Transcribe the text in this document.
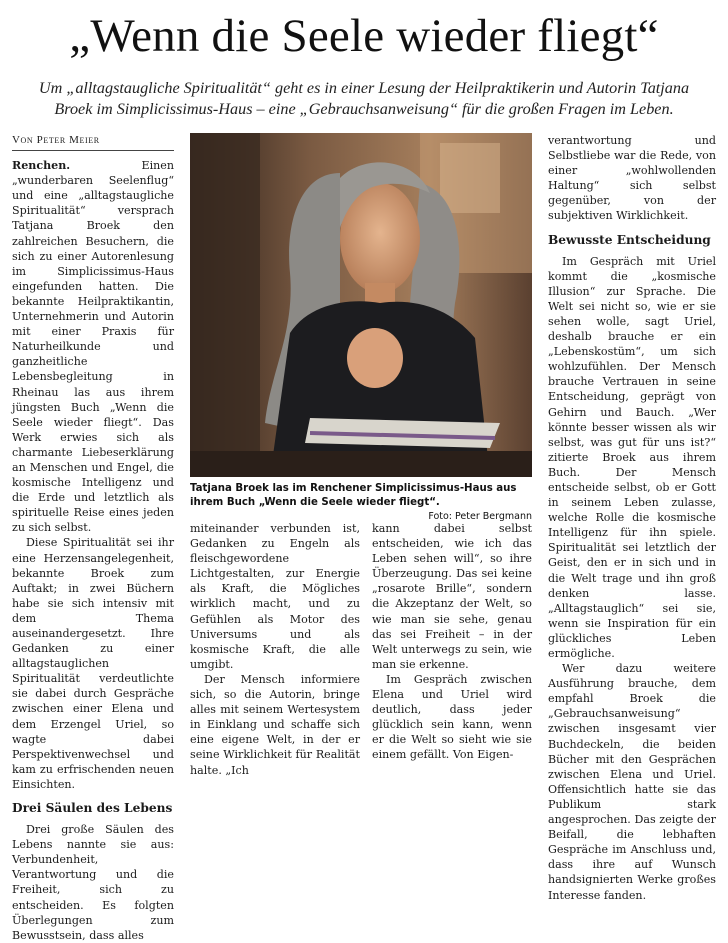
„Wenn die Seele wieder fliegt“
Um „alltagstaugliche Spiritualität“ geht es in einer Lesung der Heilpraktikerin und Autorin Tatjana Broek im Simplicissimus-Haus – eine „Gebrauchsanweisung“ für die großen Fragen im Leben.
Von Peter Meier

Renchen. Einen „wunderbaren Seelenflug“ und eine „alltagstaugliche Spiritualität“ versprach Tatjana Broek den zahlreichen Besuchern, die sich zu einer Autorenlesung im Simplicissimus-Haus eingefunden hatten. Die bekannte Heilpraktikantin, Unternehmerin und Autorin mit einer Praxis für Naturheilkunde und ganzheitliche Lebensbegleitung in Rheinau las aus ihrem jüngsten Buch „Wenn die Seele wieder fliegt“. Das Werk erwies sich als charmante Liebeserklärung an Menschen und Engel, die kosmische Intelligenz und die Erde und letztlich als spirituelle Reise eines jeden zu sich selbst.

Diese Spiritualität sei ihr eine Herzensangelegenheit, bekannte Broek zum Auftakt; in zwei Büchern habe sie sich intensiv mit dem Thema auseinandergesetzt. Ihre Gedanken zu einer alltagstauglichen Spiritualität verdeutlichte sie dabei durch Gespräche zwischen einer Elena und dem Erzengel Uriel, so wagte dabei Perspektivenwechsel und kam zu erfrischenden neuen Einsichten.

Drei Säulen des Lebens

Drei große Säulen des Lebens nannte sie aus: Verbundenheit, Verantwortung und die Freiheit, sich zu entscheiden. Es folgten Überlegungen zum Bewusstsein, dass alles

Tatjana Broek las im Renchener Simplicissimus-Haus aus ihrem Buch „Wenn die Seele wieder fliegt“.
Foto: Peter Bergmann

miteinander verbunden ist, Gedanken zu Engeln als fleischgewordene Lichtgestalten, zur Energie als Kraft, die Mögliches wirklich macht, und zu Gefühlen als Motor des Universums und als kosmische Kraft, die alle umgibt.

Der Mensch informiere sich, so die Autorin, bringe alles mit seinem Wertesystem in Einklang und schaffe sich eine eigene Welt, in der er seine Wirklichkeit für Realität halte. „Ich

kann dabei selbst entscheiden, wie ich das Leben sehen will“, so ihre Überzeugung. Das sei keine „rosarote Brille“, sondern die Akzeptanz der Welt, so wie man sie sehe, genau das sei Freiheit – in der Welt unterwegs zu sein, wie man sie erkenne.

Im Gespräch zwischen Elena und Uriel wird deutlich, dass jeder glücklich sein kann, wenn er die Welt so sieht wie sie einem gefällt. Von Eigen-

verantwortung und Selbstliebe war die Rede, von einer „wohlwollenden Haltung“ sich selbst gegenüber, von der subjektiven Wirklichkeit.

Bewusste Entscheidung

Im Gespräch mit Uriel kommt die „kosmische Illusion“ zur Sprache. Die Welt sei nicht so, wie er sie sehen wolle, sagt Uriel, deshalb brauche er ein „Lebenskostüm“, um sich wohlzufühlen. Der Mensch brauche Vertrauen in seine Entscheidung, geprägt von Gehirn und Bauch. „Wer könnte besser wissen als wir selbst, was gut für uns ist?“ zitierte Broek aus ihrem Buch. Der Mensch entscheide selbst, ob er Gott in seinem Leben zulasse, welche Rolle die kosmische Intelligenz für ihn spiele. Spiritualität sei letztlich der Geist, den er in sich und in die Welt trage und ihn groß denken lasse. „Alltagstauglich“ sei sie, wenn sie Inspiration für ein glückliches Leben ermögliche.

Wer dazu weitere Ausführung brauche, dem empfahl Broek die „Gebrauchsanweisung“ zwischen insgesamt vier Buchdeckeln, die beiden Bücher mit den Gesprächen zwischen Elena und Uriel. Offensichtlich hatte sie das Publikum stark angesprochen. Das zeigte der Beifall, die lebhaften Gespräche im Anschluss und, dass ihre auf Wunsch handsignierten Werke großes Interesse fanden.
